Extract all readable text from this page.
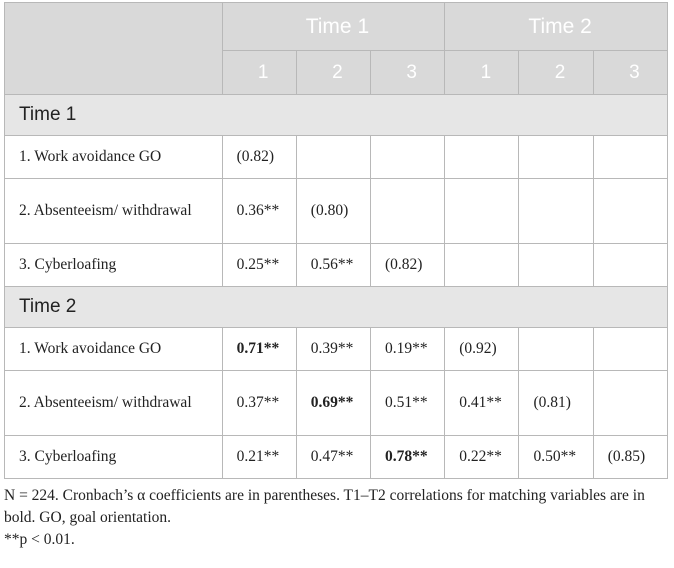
	Time 1			Time 2		
	1	2	3	1	2	3
Time 1						
1. Work avoidance GO	(0.82)					
2. Absenteeism/ withdrawal	0.36**	(0.80)				
3. Cyberloafing	0.25**	0.56**	(0.82)			
Time 2						
1. Work avoidance GO	0.71**	0.39**	0.19**	(0.92)		
2. Absenteeism/ withdrawal	0.37**	0.69**	0.51**	0.41**	(0.81)	
3. Cyberloafing	0.21**	0.47**	0.78**	0.22**	0.50**	(0.85)

N = 224. Cronbach’s α coefficients are in parentheses. T1–T2 correlations for matching variables are in bold. GO, goal orientation.

**p < 0.01.
